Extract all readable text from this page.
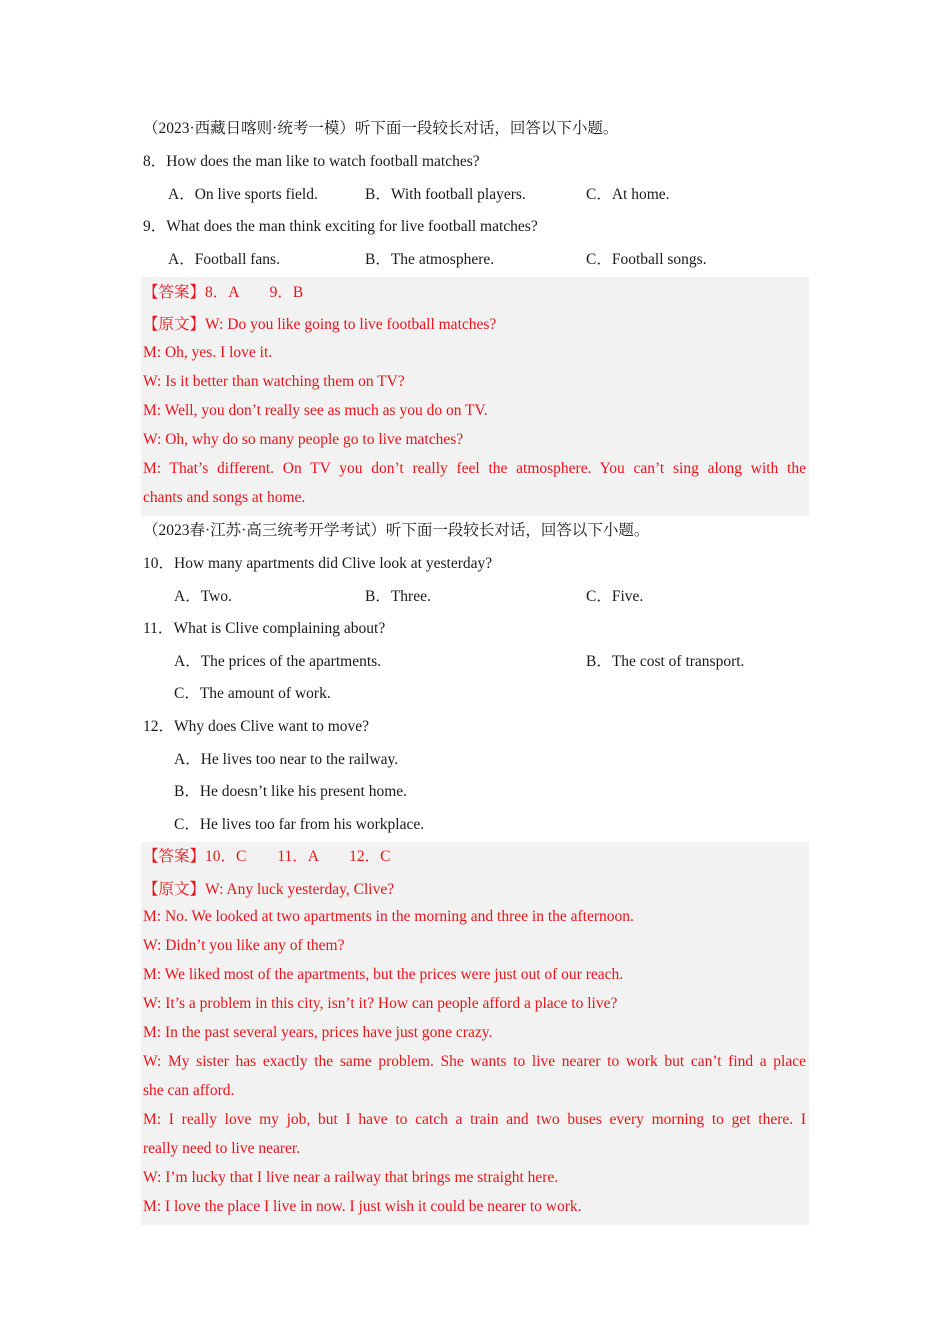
（2023·西藏日喀则·统考一模）听下面一段较长对话，回答以下小题。
8．How does the man like to watch football matches?
A．On live sports field.	B．With football players.	C．At home.
9．What does the man think exciting for live football matches?
A．Football fans.	B．The atmosphere.	C．Football songs.
【答案】8．A　　9．B
【原文】W: Do you like going to live football matches?
M: Oh, yes. I love it.
W: Is it better than watching them on TV?
M: Well, you don’t really see as much as you do on TV.
W: Oh, why do so many people go to live matches?
M: That’s different. On TV you don’t really feel the atmosphere. You can’t sing along with the
chants and songs at home.
（2023春·江苏·高三统考开学考试）听下面一段较长对话，回答以下小题。
10．How many apartments did Clive look at yesterday?
A．Two.	B．Three.	C．Five.
11．What is Clive complaining about?
A．The prices of the apartments.	B．The cost of transport.
C．The amount of work.
12．Why does Clive want to move?
A．He lives too near to the railway.
B．He doesn’t like his present home.
C．He lives too far from his workplace.
【答案】10．C　　11．A　　12．C
【原文】W: Any luck yesterday, Clive?
M: No. We looked at two apartments in the morning and three in the afternoon.
W: Didn’t you like any of them?
M: We liked most of the apartments, but the prices were just out of our reach.
W: It’s a problem in this city, isn’t it? How can people afford a place to live?
M: In the past several years, prices have just gone crazy.
W: My sister has exactly the same problem. She wants to live nearer to work but can’t find a place
she can afford.
M: I really love my job, but I have to catch a train and two buses every morning to get there. I
really need to live nearer.
W: I’m lucky that I live near a railway that brings me straight here.
M: I love the place I live in now. I just wish it could be nearer to work.
